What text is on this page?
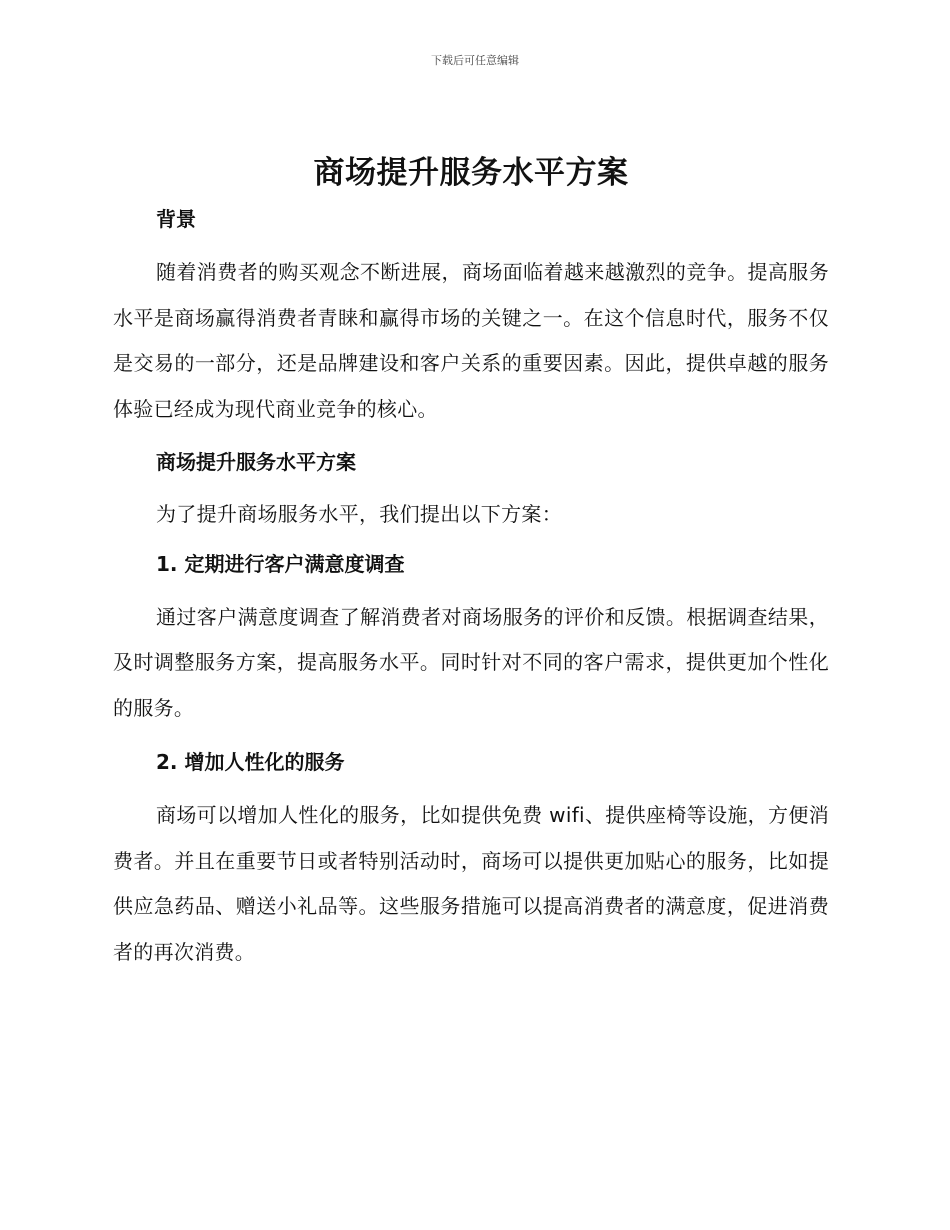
下载后可任意编辑
商场提升服务水平方案
背景

随着消费者的购买观念不断进展，商场面临着越来越激烈的竞争。提高服务水平是商场赢得消费者青睐和赢得市场的关键之一。在这个信息时代，服务不仅是交易的一部分，还是品牌建设和客户关系的重要因素。因此，提供卓越的服务体验已经成为现代商业竞争的核心。

商场提升服务水平方案

为了提升商场服务水平，我们提出以下方案：

1. 定期进行客户满意度调查

通过客户满意度调查了解消费者对商场服务的评价和反馈。根据调查结果，及时调整服务方案，提高服务水平。同时针对不同的客户需求，提供更加个性化的服务。

2. 增加人性化的服务

商场可以增加人性化的服务，比如提供免费 wifi、提供座椅等设施，方便消费者。并且在重要节日或者特别活动时，商场可以提供更加贴心的服务，比如提供应急药品、赠送小礼品等。这些服务措施可以提高消费者的满意度，促进消费者的再次消费。
